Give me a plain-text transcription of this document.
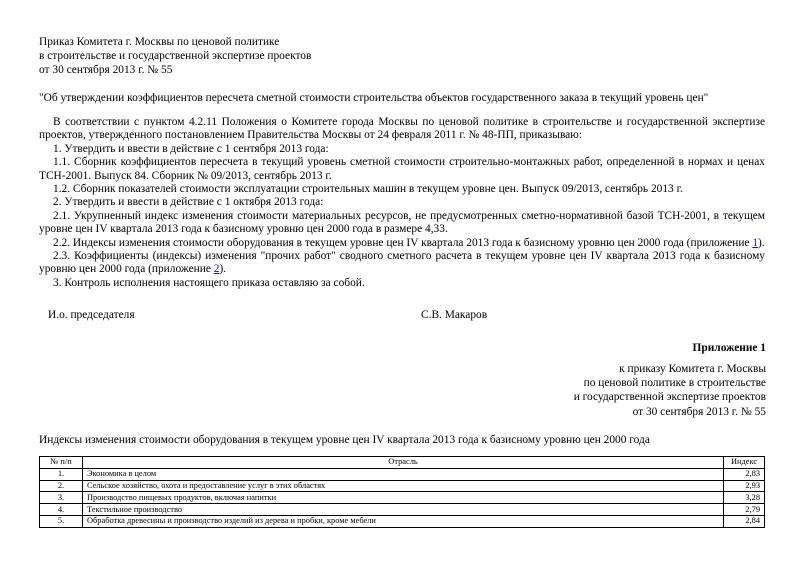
Приказ Комитета г. Москвы по ценовой политике
в строительстве и государственной экспертизе проектов
от 30 сентября 2013 г. № 55
"Об утверждении коэффициентов пересчета сметной стоимости строительства объектов государственного заказа в текущий уровень цен"

В соответствии с пунктом 4.2.11 Положения о Комитете города Москвы по ценовой политике в строительстве и государственной экспертизе проектов, утвержденного постановлением Правительства Москвы от 24 февраля 2011 г. № 48-ПП, приказываю:

1. Утвердить и ввести в действие с 1 сентября 2013 года:

1.1. Сборник коэффициентов пересчета в текущий уровень сметной стоимости строительно-монтажных работ, определенной в нормах и ценах ТСН-2001. Выпуск 84. Сборник № 09/2013, сентябрь 2013 г.

1.2. Сборник показателей стоимости эксплуатации строительных машин в текущем уровне цен. Выпуск 09/2013, сентябрь 2013 г.

2. Утвердить и ввести в действие с 1 октября 2013 года:

2.1. Укрупненный индекс изменения стоимости материальных ресурсов, не предусмотренных сметно-нормативной базой ТСН-2001, в текущем уровне цен IV квартала 2013 года к базисному уровню цен 2000 года в размере 4,33.

2.2. Индексы изменения стоимости оборудования в текущем уровне цен IV квартала 2013 года к базисному уровню цен 2000 года (приложение 1).

2.3. Коэффициенты (индексы) изменения "прочих работ" сводного сметного расчета в текущем уровне цен IV квартала 2013 года к базисному уровню цен 2000 года (приложение 2).

3. Контроль исполнения настоящего приказа оставляю за собой.

И.о. председателя	С.В. Макаров
Приложение 1
к приказу Комитета г. Москвы
по ценовой политике в строительстве
и государственной экспертизе проектов
от 30 сентября 2013 г. № 55
Индексы изменения стоимости оборудования в текущем уровне цен IV квартала 2013 года к базисному уровню цен 2000 года
№ п/п	Отрасль	Индекс
1.	Экономика в целом	2,83
2.	Сельское хозяйство, охота и предоставление услуг в этих областях	2,93
3.	Производство пищевых продуктов, включая напитки	3,28
4.	Текстильное производство	2,79
5.	Обработка древесины и производство изделий из дерева и пробки, кроме мебели	2,84
